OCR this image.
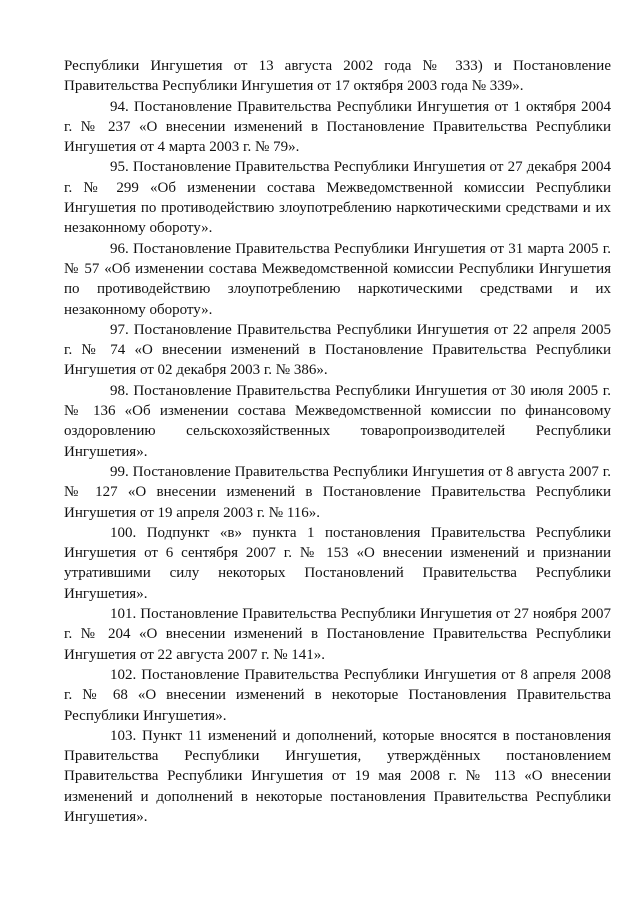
Республики Ингушетия от 13 августа 2002 года № 333) и Постановление Правительства Республики Ингушетия от 17 октября 2003 года № 339».

94. Постановление Правительства Республики Ингушетия от 1 октября 2004 г. № 237 «О внесении изменений в Постановление Правительства Республики Ингушетия от 4 марта 2003 г. № 79».

95. Постановление Правительства Республики Ингушетия от 27 декабря 2004 г. № 299 «Об изменении состава Межведомственной комиссии Республики Ингушетия по противодействию злоупотреблению наркотическими средствами и их незаконному обороту».

96. Постановление Правительства Республики Ингушетия от 31 марта 2005 г. № 57 «Об изменении состава Межведомственной комиссии Республики Ингушетия по противодействию злоупотреблению наркотическими средствами и их незаконному обороту».

97. Постановление Правительства Республики Ингушетия от 22 апреля 2005 г. № 74 «О внесении изменений в Постановление Правительства Республики Ингушетия от 02 декабря 2003 г. № 386».

98. Постановление Правительства Республики Ингушетия от 30 июля 2005 г. № 136 «Об изменении состава Межведомственной комиссии по финансовому оздоровлению сельскохозяйственных товаропроизводителей Республики Ингушетия».

99. Постановление Правительства Республики Ингушетия от 8 августа 2007 г. № 127 «О внесении изменений в Постановление Правительства Республики Ингушетия от 19 апреля 2003 г. № 116».

100. Подпункт «в» пункта 1 постановления Правительства Республики Ингушетия от 6 сентября 2007 г. № 153 «О внесении изменений и признании утратившими силу некоторых Постановлений Правительства Республики Ингушетия».

101. Постановление Правительства Республики Ингушетия от 27 ноября 2007 г. № 204 «О внесении изменений в Постановление Правительства Республики Ингушетия от 22 августа 2007 г. № 141».

102. Постановление Правительства Республики Ингушетия от 8 апреля 2008 г. № 68 «О внесении изменений в некоторые Постановления Правительства Республики Ингушетия».

103. Пункт 11 изменений и дополнений, которые вносятся в постановления Правительства Республики Ингушетия, утверждённых постановлением Правительства Республики Ингушетия от 19 мая 2008 г. № 113 «О внесении изменений и дополнений в некоторые постановления Правительства Республики Ингушетия».
